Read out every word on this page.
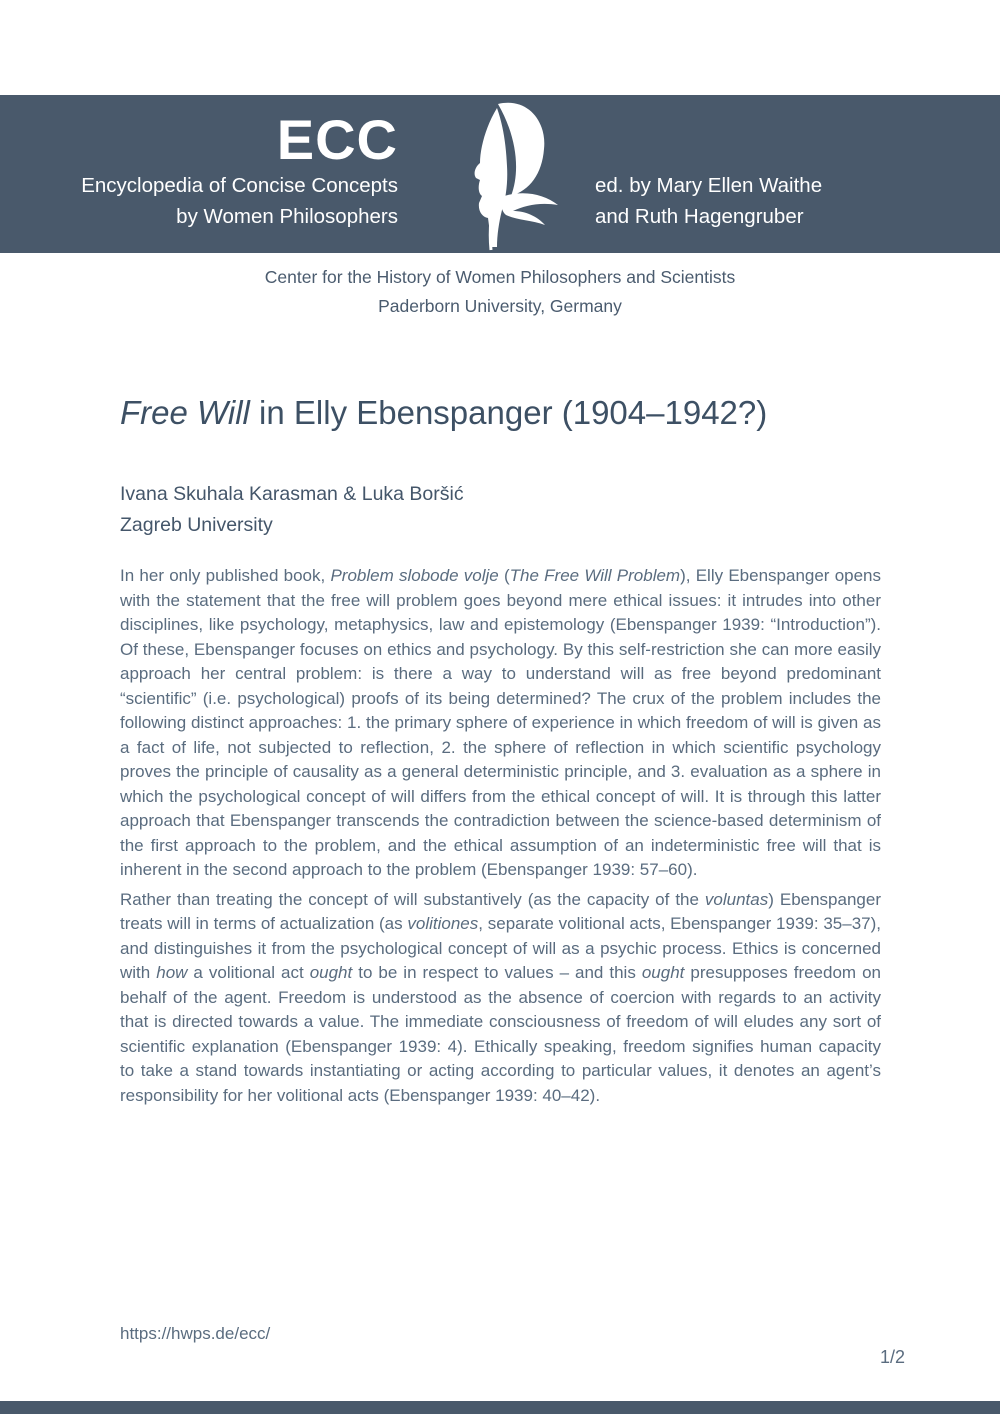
ECC
Encyclopedia of Concise Concepts
by Women Philosophers
ed. by Mary Ellen Waithe
and Ruth Hagengruber
Center for the History of Women Philosophers and Scientists
Paderborn University, Germany
Free Will in Elly Ebenspanger (1904–1942?)
Ivana Skuhala Karasman & Luka Boršić
Zagreb University

In her only published book, Problem slobode volje (The Free Will Problem), Elly Ebenspanger opens with the statement that the free will problem goes beyond mere ethical issues: it intrudes into other disciplines, like psychology, metaphysics, law and epistemology (Ebenspanger 1939: “Introduction”). Of these, Ebenspanger focuses on ethics and psychology. By this self-restriction she can more easily approach her central problem: is there a way to understand will as free beyond predominant “scientific” (i.e. psychological) proofs of its being determined? The crux of the problem includes the following distinct approaches: 1. the primary sphere of experience in which freedom of will is given as a fact of life, not subjected to reflection, 2. the sphere of reflection in which scientific psychology proves the principle of causality as a general deterministic principle, and 3. evaluation as a sphere in which the psychological concept of will differs from the ethical concept of will. It is through this latter approach that Ebenspanger transcends the contradiction between the science-based determinism of the first approach to the problem, and the ethical assumption of an indeterministic free will that is inherent in the second approach to the problem (Ebenspanger 1939: 57–60).

Rather than treating the concept of will substantively (as the capacity of the voluntas) Ebenspanger treats will in terms of actualization (as volitiones, separate volitional acts, Ebenspanger 1939: 35–37), and distinguishes it from the psychological concept of will as a psychic process. Ethics is concerned with how a volitional act ought to be in respect to values – and this ought presupposes freedom on behalf of the agent. Freedom is understood as the absence of coercion with regards to an activity that is directed towards a value. The immediate consciousness of freedom of will eludes any sort of scientific explanation (Ebenspanger 1939: 4). Ethically speaking, freedom signifies human capacity to take a stand towards instantiating or acting according to particular values, it denotes an agent’s responsibility for her volitional acts (Ebenspanger 1939: 40–42).

https://hwps.de/ecc/
1/2
